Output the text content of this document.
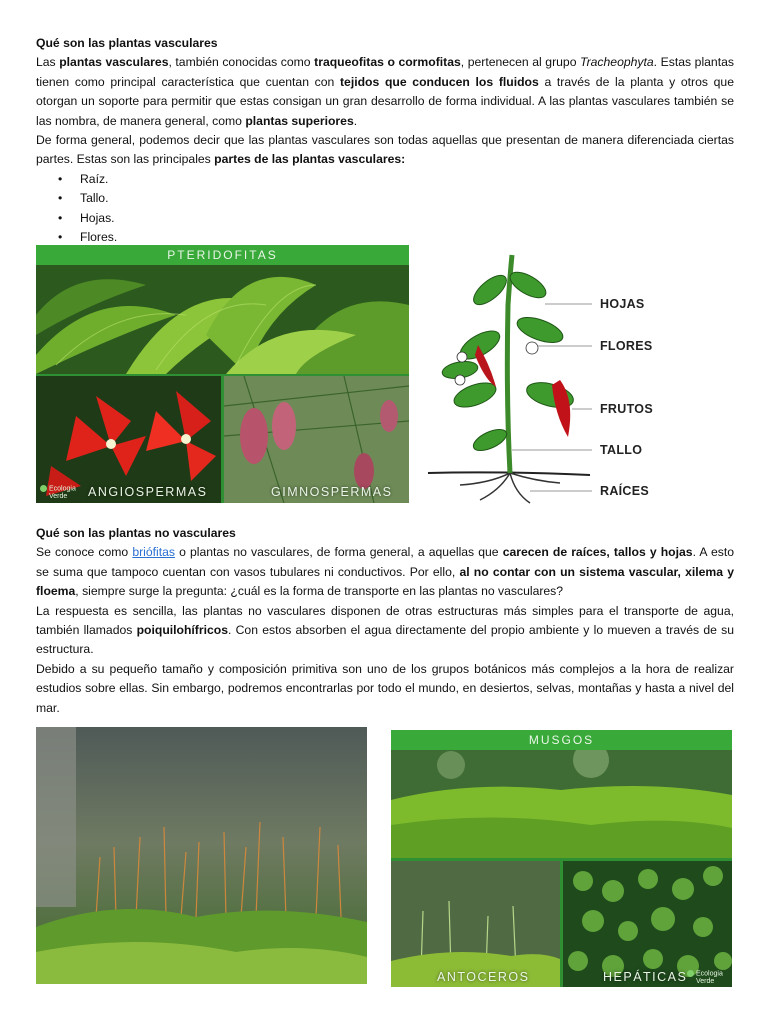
Qué son las plantas vasculares

Las plantas vasculares, también conocidas como traqueofitas o cormofitas, pertenecen al grupo Tracheophyta. Estas plantas tienen como principal característica que cuentan con tejidos que conducen los fluidos a través de la planta y otros que otorgan un soporte para permitir que estas consigan un gran desarrollo de forma individual. A las plantas vasculares también se las nombra, de manera general, como plantas superiores.

De forma general, podemos decir que las plantas vasculares son todas aquellas que presentan de manera diferenciada ciertas partes. Estas son las principales partes de las plantas vasculares:

• Raíz.
• Tallo.
• Hojas.
• Flores.
PTERIDOFITAS
ANGIOSPERMAS	GIMNOSPERMAS
Ecologia
Verde
HOJAS
FLORES
FRUTOS
TALLO
RAÍCES
Qué son las plantas no vasculares

Se conoce como briófitas o plantas no vasculares, de forma general, a aquellas que carecen de raíces, tallos y hojas. A esto se suma que tampoco cuentan con vasos tubulares ni conductivos. Por ello, al no contar con un sistema vascular, xilema y floema, siempre surge la pregunta: ¿cuál es la forma de transporte en las plantas no vasculares?

La respuesta es sencilla, las plantas no vasculares disponen de otras estructuras más simples para el transporte de agua, también llamados poiquilohífricos. Con estos absorben el agua directamente del propio ambiente y lo mueven a través de su estructura.

Debido a su pequeño tamaño y composición primitiva son uno de los grupos botánicos más complejos a la hora de realizar estudios sobre ellas. Sin embargo, podremos encontrarlas por todo el mundo, en desiertos, selvas, montañas y hasta a nivel del mar.

MUSGOS
ANTOCEROS	HEPÁTICAS	Ecologia
Verde
